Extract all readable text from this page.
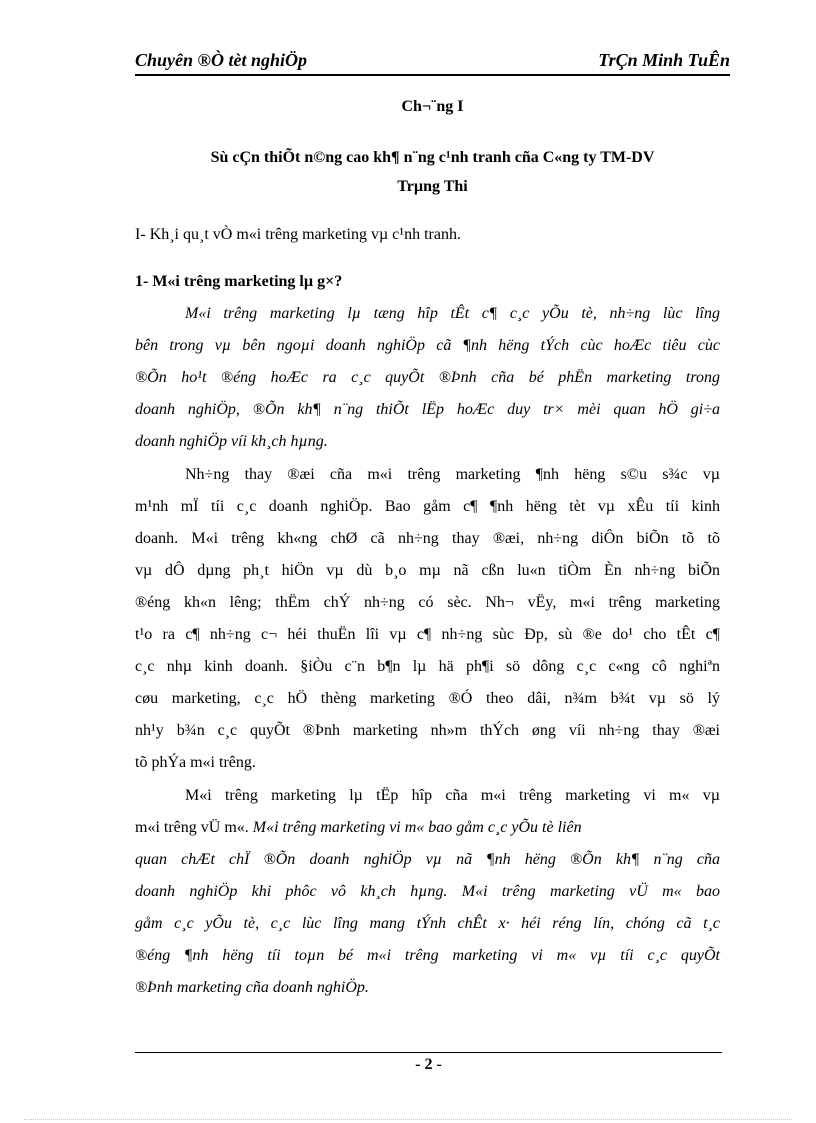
Chuyên ®Ò tèt nghiÖp	TrÇn Minh TuÊn
Ch¬¨ng I
Sù cÇn thiÕt n©ng cao kh¶ n¨ng c¹nh tranh cña C«ng ty TM-DV
Trµng Thi
I- Kh¸i qu¸t vÒ m«i trêng marketing vµ c¹nh tranh.
1- M«i trêng marketing lµ g×?
M«i trêng marketing lµ tæng hîp tÊt c¶ c¸c yÕu tè, nh÷ng lùc lîng
bên trong vµ bên ngoµi doanh nghiÖp cã ¶nh hëng tÝch cùc hoÆc tiêu cùc
®Õn ho¹t ®éng hoÆc ra c¸c quyÕt ®Þnh cña bé phËn marketing trong
doanh nghiÖp, ®Õn kh¶ n¨ng thiÕt lËp hoÆc duy tr× mèi quan hÖ gi÷a
doanh nghiÖp víi kh¸ch hµng.
Nh÷ng thay ®æi cña m«i trêng marketing ¶nh hëng s©u s¾c vµ
m¹nh mÏ tíi c¸c doanh nghiÖp. Bao gåm c¶ ¶nh hëng tèt vµ xÊu tíi kinh
doanh. M«i trêng kh«ng chØ cã nh÷ng thay ®æi, nh÷ng diÔn biÕn tõ tõ
vµ dÔ dµng ph¸t hiÖn vµ dù b¸o mµ nã cßn lu«n tiÒm Èn nh÷ng biÕn
®éng kh«n lêng; thËm chÝ nh÷ng có sèc. Nh¬ vËy, m«i trêng marketing
t¹o ra c¶ nh÷ng c¬ héi thuËn lîi vµ c¶ nh÷ng sùc Ðp, sù ®e do¹ cho tÊt c¶
c¸c nhµ kinh doanh. §iÒu c¨n b¶n lµ hä ph¶i sö dông c¸c c«ng cô nghiªn
cøu marketing, c¸c hÖ thèng marketing ®Ó theo dâi, n¾m b¾t vµ sö lý
nh¹y b¾n c¸c quyÕt ®Þnh marketing nh»m thÝch øng víi nh÷ng thay ®æi
tõ phÝa m«i trêng.
M«i trêng marketing lµ tËp hîp cña m«i trêng marketing vi m« vµ
m«i trêng vÜ m«. M«i trêng marketing vi m« bao gåm c¸c yÕu tè liên
quan chÆt chÏ ®Õn doanh nghiÖp vµ nã ¶nh hëng ®Õn kh¶ n¨ng cña
doanh nghiÖp khi phôc vô kh¸ch hµng. M«i trêng marketing vÜ m« bao
gåm c¸c yÕu tè, c¸c lùc lîng mang tÝnh chÊt x· héi réng lín, chóng cã t¸c
®éng ¶nh hëng tíi toµn bé m«i trêng marketing vi m« vµ tíi c¸c quyÕt
®Þnh marketing cña doanh nghiÖp.
- 2 -
